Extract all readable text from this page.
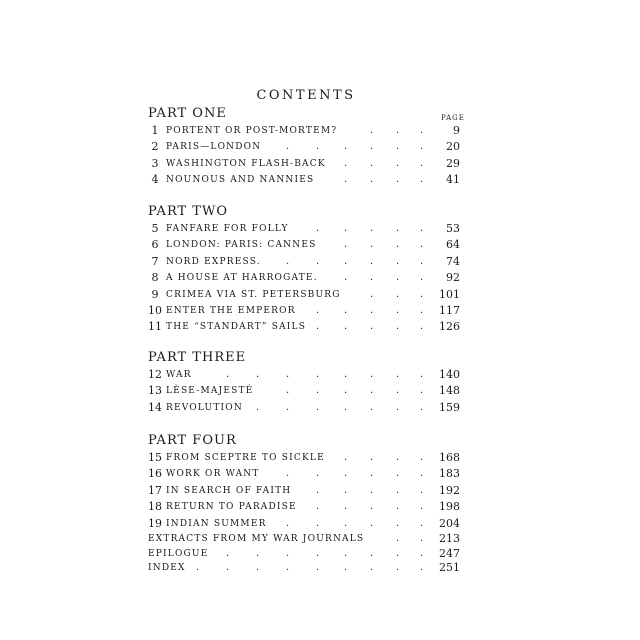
CONTENTS
PAGE
PART ONE
1 PORTENT OR POST-MORTEM?	. . .	9
2 PARIS—LONDON .	. . . . .	20
3 WASHINGTON FLASH-BACK . . . .	29
4 NOUNOUS AND NANNIES	. . . .	41
PART TWO
5 FANFARE FOR FOLLY	. . . . .	53
6 LONDON: PARIS: CANNES	. . . .	64
7 NORD EXPRESS.	.	. . . . .	74
8 A HOUSE AT HARROGATE.	. . . .	92
9 CRIMEA VIA ST. PETERSBURG	. . .	101
10 ENTER THE EMPEROR . . . . .	117
11 THE “STANDART” SAILS . . . . .	126
PART THREE
12 WAR	.	.	.	. . . . .	140
13 LÈSE-MAJESTÉ	.	. . . . .	148
14 REVOLUTION .	.	. . . . .	159
PART FOUR
15 FROM SCEPTRE TO SICKLE . . . .	168
16 WORK OR WANT	.	. . . . .	183
17 IN SEARCH OF FAITH . . . . .	192
18 RETURN TO PARADISE . . . . .	198
19 INDIAN SUMMER .	. . . . .	204
EXTRACTS FROM MY WAR JOURNALS	. .	213
EPILOGUE .	.	.	. . . . .	247
INDEX .	.	.	.	. . . . .	251
